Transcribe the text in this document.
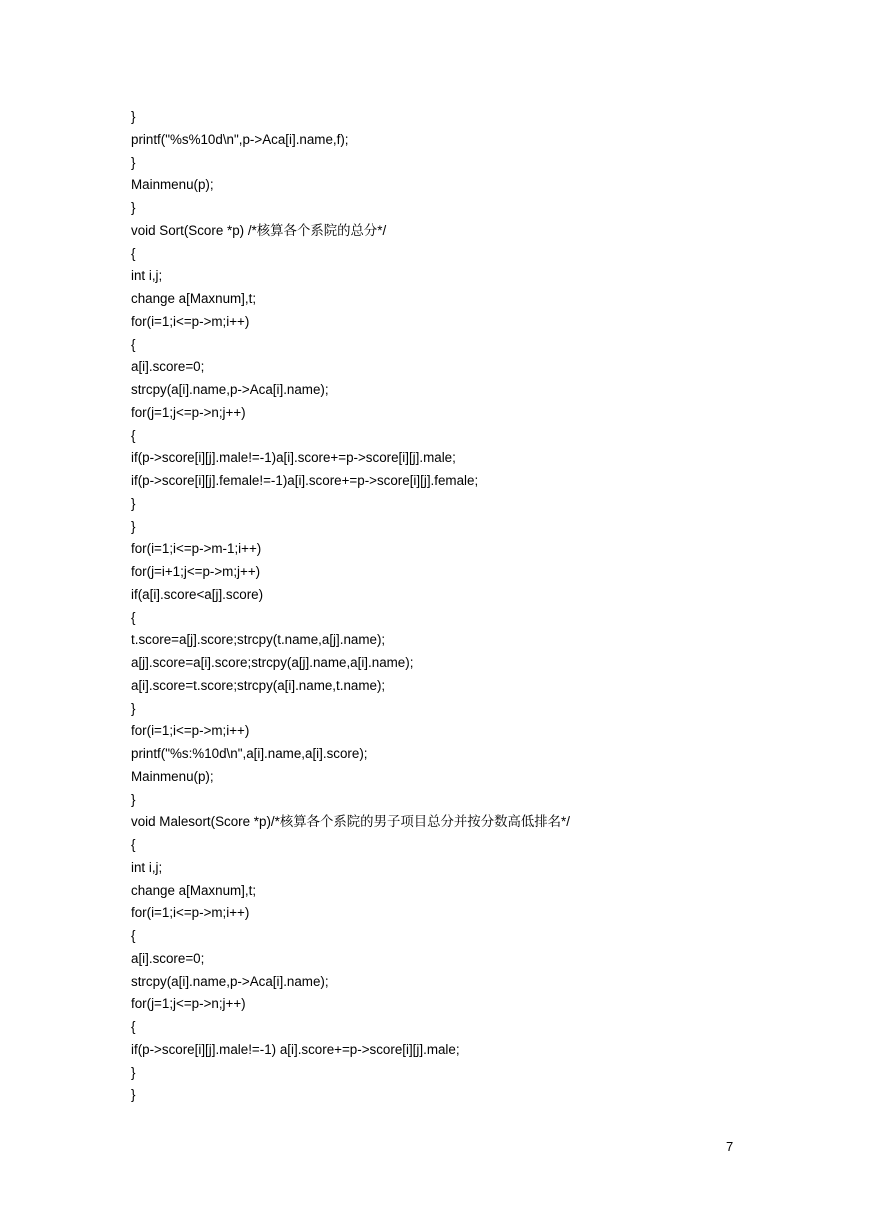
}
printf("%s%10d\n",p->Aca[i].name,f);
}
Mainmenu(p);
}
void Sort(Score *p) /*核算各个系院的总分*/
{
int i,j;
change a[Maxnum],t;
for(i=1;i<=p->m;i++)
{
a[i].score=0;
strcpy(a[i].name,p->Aca[i].name);
for(j=1;j<=p->n;j++)
{
if(p->score[i][j].male!=-1)a[i].score+=p->score[i][j].male;
if(p->score[i][j].female!=-1)a[i].score+=p->score[i][j].female;
}
}
for(i=1;i<=p->m-1;i++)
for(j=i+1;j<=p->m;j++)
if(a[i].score<a[j].score)
{
t.score=a[j].score;strcpy(t.name,a[j].name);
a[j].score=a[i].score;strcpy(a[j].name,a[i].name);
a[i].score=t.score;strcpy(a[i].name,t.name);
}
for(i=1;i<=p->m;i++)
printf("%s:%10d\n",a[i].name,a[i].score);
Mainmenu(p);
}
void Malesort(Score *p)/*核算各个系院的男子项目总分并按分数高低排名*/
{
int i,j;
change a[Maxnum],t;
for(i=1;i<=p->m;i++)
{
a[i].score=0;
strcpy(a[i].name,p->Aca[i].name);
for(j=1;j<=p->n;j++)
{
if(p->score[i][j].male!=-1) a[i].score+=p->score[i][j].male;
}
}
7
